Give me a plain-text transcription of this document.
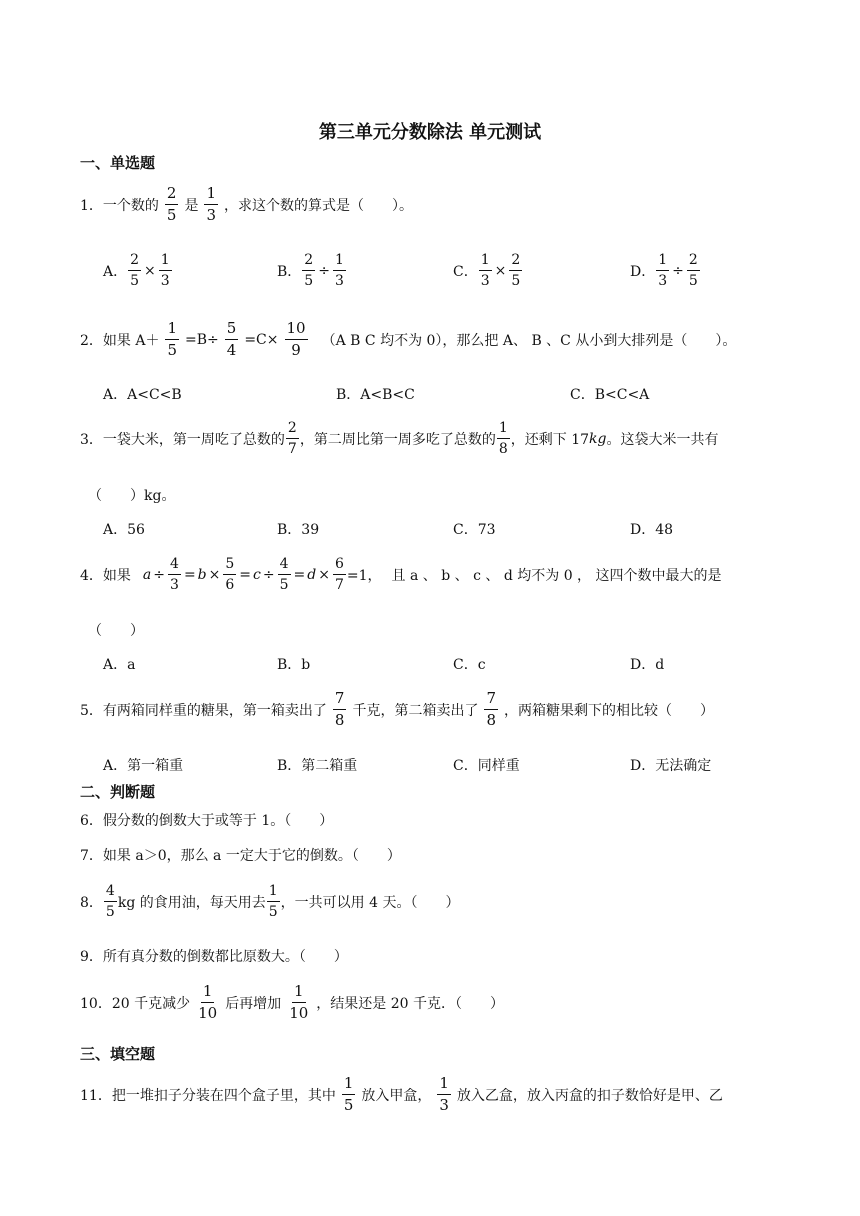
第三单元分数除法 单元测试
一、单选题
1． 一个数的 $\frac{2}{5}$ 是 $\frac{1}{3}$ ，求这个数的算式是（　　）。
A． $\frac{2}{5} \times \frac{1}{3}$	B． $\frac{2}{5} \div \frac{1}{3}$	C． $\frac{1}{3} \times \frac{2}{5}$	D． $\frac{1}{3} \div \frac{2}{5}$
2． 如果 $A+ \frac{1}{5} =B\div \frac{5}{4} =C\times \frac{10}{9} (A$ B C 均不为 0），那么把 A、 B 、C 从小到大排列是（　　）。
A．A<C<B	B．A<B<C	C．B<C<A
3． 一袋大米，第一周吃了总数的 $\frac{2}{7}$ ，第二周比第一周多吃了总数的 $\frac{1}{8}$ ，还剩下 17 kg 。这袋大米一共有
（　　）kg。
A．56	B．39	C．73	D．48
4． 如果 $a \div \frac{4}{3} = b \times \frac{5}{6} = c \div \frac{4}{5} = d \times \frac{6}{7} =1$， 且 a 、 b 、 c 、 d 均不为 0 ， 这四个数中最大的是
（　　）
A．a	B．b	C．c	D．d
5． 有两箱同样重的糖果，第一箱卖出了 $\frac{7}{8}$ 千克，第二箱卖出了 $\frac{7}{8}$ ，两箱糖果剩下的相比较（　　）
A．第一箱重	B．第二箱重	C．同样重	D．无法确定
二、判断题
6．假分数的倒数大于或等于 1。（　　）
7．如果 a＞0，那么 a 一定大于它的倒数。（　　）
8． $\frac{4}{5}$ kg 的食用油，每天用去 $\frac{1}{5}$ ，一共可以用 4 天。（　　）
9．所有真分数的倒数都比原数大。（　　）
10． 20 千克减少 $\frac{1}{10}$ 后再增加 $\frac{1}{10}$ ，结果还是 20 千克．（　　）
三、填空题
11． 把一堆扣子分装在四个盒子里，其中 $\frac{1}{5}$ 放入甲盒， $\frac{1}{3}$ 放入乙盒，放入丙盒的扣子数恰好是甲、乙
